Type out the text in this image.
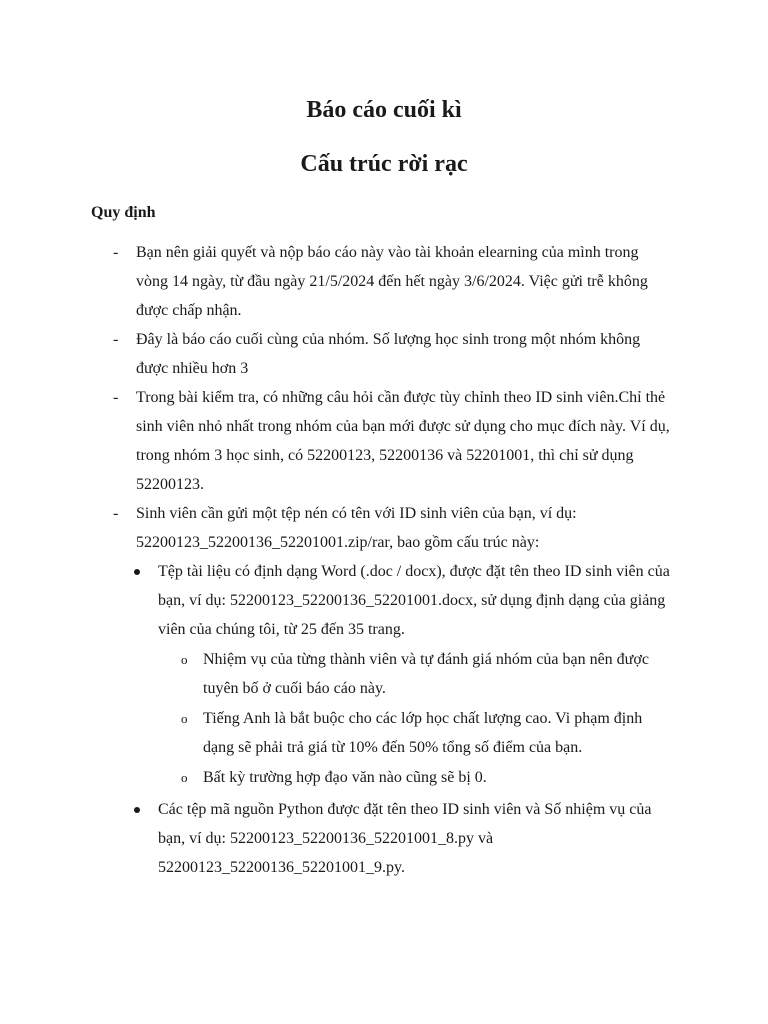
Báo cáo cuối kì
Cấu trúc rời rạc
Quy định
- Bạn nên giải quyết và nộp báo cáo này vào tài khoản elearning của mình trong vòng 14 ngày, từ đầu ngày 21/5/2024 đến hết ngày 3/6/2024. Việc gửi trễ không được chấp nhận.
- Đây là báo cáo cuối cùng của nhóm. Số lượng học sinh trong một nhóm không được nhiều hơn 3
- Trong bài kiểm tra, có những câu hỏi cần được tùy chỉnh theo ID sinh viên.Chỉ thẻ sinh viên nhỏ nhất trong nhóm của bạn mới được sử dụng cho mục đích này. Ví dụ, trong nhóm 3 học sinh, có 52200123, 52200136 và 52201001, thì chỉ sử dụng 52200123.
- Sinh viên cần gửi một tệp nén có tên với ID sinh viên của bạn, ví dụ: 52200123_52200136_52201001.zip/rar, bao gồm cấu trúc này:
Tệp tài liệu có định dạng Word (.doc / docx), được đặt tên theo ID sinh viên của bạn, ví dụ: 52200123_52200136_52201001.docx, sử dụng định dạng của giảng viên của chúng tôi, từ 25 đến 35 trang.
o Nhiệm vụ của từng thành viên và tự đánh giá nhóm của bạn nên được tuyên bố ở cuối báo cáo này.
o Tiếng Anh là bắt buộc cho các lớp học chất lượng cao. Vi phạm định dạng sẽ phải trả giá từ 10% đến 50% tổng số điểm của bạn.
o Bất kỳ trường hợp đạo văn nào cũng sẽ bị 0.
Các tệp mã nguồn Python được đặt tên theo ID sinh viên và Số nhiệm vụ của bạn, ví dụ: 52200123_52200136_52201001_8.py và 52200123_52200136_52201001_9.py.
